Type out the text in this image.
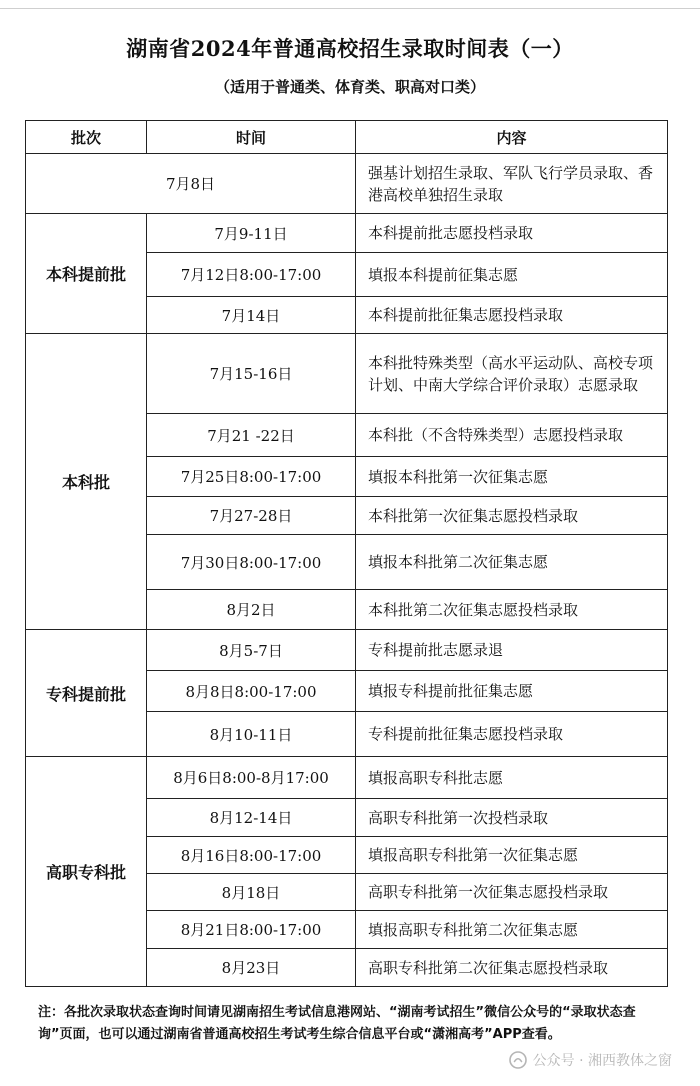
湖南省2024年普通高校招生录取时间表（一）
（适用于普通类、体育类、职高对口类）
批次	时间	内容
7月8日		强基计划招生录取、军队飞行学员录取、香港高校单独招生录取
本科提前批	7月9-11日	本科提前批志愿投档录取
	7月12日8:00-17:00	填报本科提前征集志愿
	7月14日	本科提前批征集志愿投档录取
本科批	7月15-16日	本科批特殊类型（高水平运动队、高校专项计划、中南大学综合评价录取）志愿录取
	7月21 -22日	本科批（不含特殊类型）志愿投档录取
	7月25日8:00-17:00	填报本科批第一次征集志愿
	7月27-28日	本科批第一次征集志愿投档录取
	7月30日8:00-17:00	填报本科批第二次征集志愿
	8月2日	本科批第二次征集志愿投档录取
专科提前批	8月5-7日	专科提前批志愿录退
	8月8日8:00-17:00	填报专科提前批征集志愿
	8月10-11日	专科提前批征集志愿投档录取
高职专科批	8月6日8:00-8月17:00	填报高职专科批志愿
	8月12-14日	高职专科批第一次投档录取
	8月16日8:00-17:00	填报高职专科批第一次征集志愿
	8月18日	高职专科批第一次征集志愿投档录取
	8月21日8:00-17:00	填报高职专科批第二次征集志愿
	8月23日	高职专科批第二次征集志愿投档录取
注：各批次录取状态查询时间请见湖南招生考试信息港网站、“湖南考试招生”微信公众号的“录取状态查询”页面，也可以通过湖南省普通高校招生考试考生综合信息平台或“潇湘高考”APP查看。
公众号 · 湘西教体之窗
